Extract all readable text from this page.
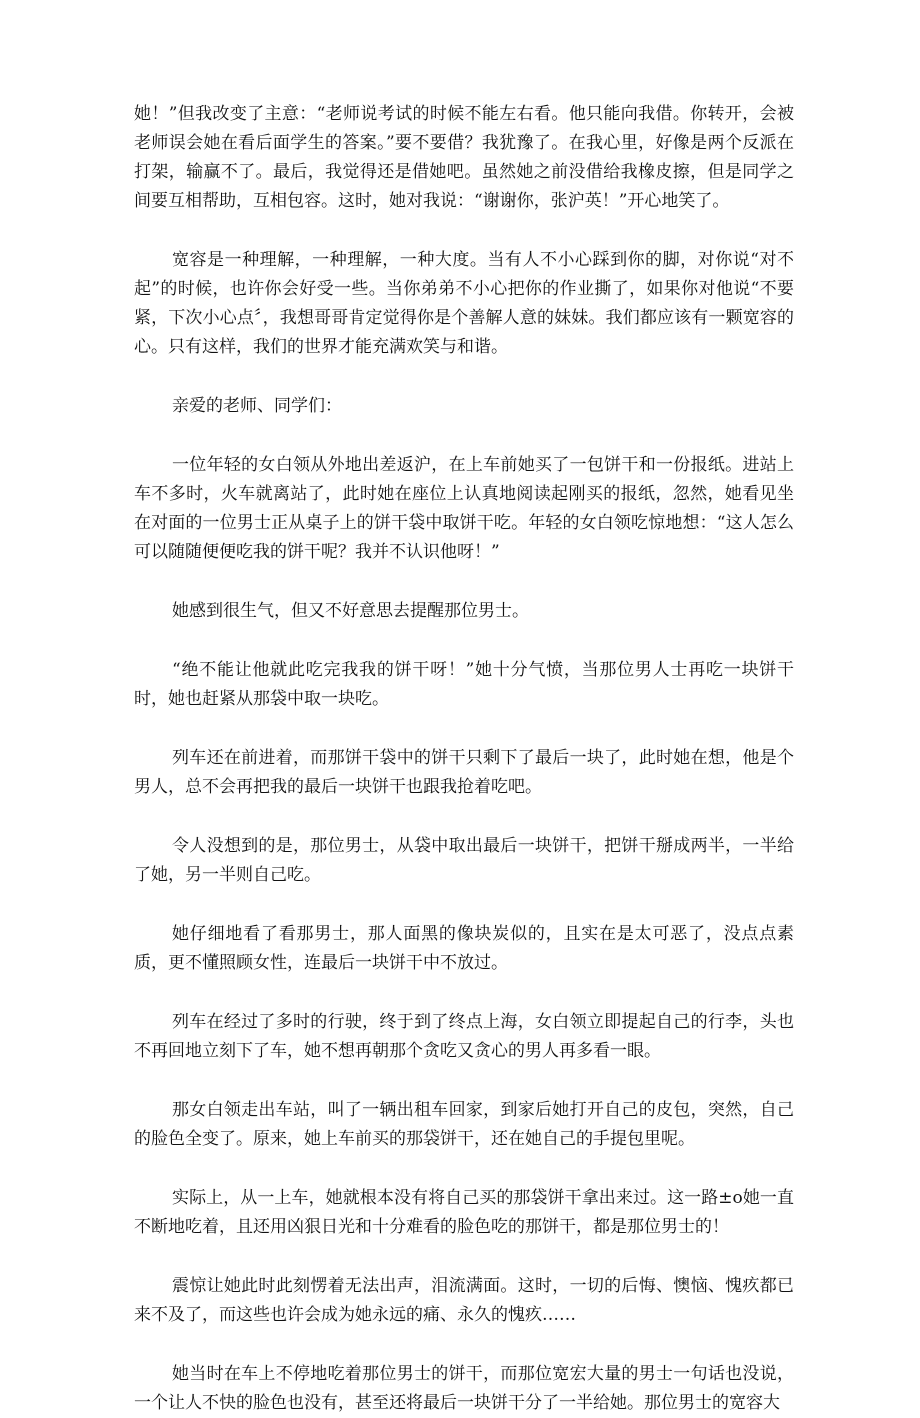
她！”但我改变了主意：“老师说考试的时候不能左右看。他只能向我借。你转开，会被老师误会她在看后面学生的答案。”要不要借？我犹豫了。在我心里，好像是两个反派在打架，输赢不了。最后，我觉得还是借她吧。虽然她之前没借给我橡皮擦，但是同学之间要互相帮助，互相包容。这时，她对我说：“谢谢你，张沪英！”开心地笑了。

宽容是一种理解，一种理解，一种大度。当有人不小心踩到你的脚，对你说“对不起”的时候，也许你会好受一些。当你弟弟不小心把你的作业撕了，如果你对他说“不要紧，下次小心点〞，我想哥哥肯定觉得你是个善解人意的妹妹。我们都应该有一颗宽容的心。只有这样，我们的世界才能充满欢笑与和谐。

亲爱的老师、同学们：

一位年轻的女白领从外地出差返沪，在上车前她买了一包饼干和一份报纸。进站上车不多时，火车就离站了，此时她在座位上认真地阅读起刚买的报纸，忽然，她看见坐在对面的一位男士正从桌子上的饼干袋中取饼干吃。年轻的女白领吃惊地想：“这人怎么可以随随便便吃我的饼干呢？我并不认识他呀！”

她感到很生气，但又不好意思去提醒那位男士。

“绝不能让他就此吃完我我的饼干呀！”她十分气愤，当那位男人士再吃一块饼干时，她也赶紧从那袋中取一块吃。

列车还在前进着，而那饼干袋中的饼干只剩下了最后一块了，此时她在想，他是个男人，总不会再把我的最后一块饼干也跟我抢着吃吧。

令人没想到的是，那位男士，从袋中取出最后一块饼干，把饼干掰成两半，一半给了她，另一半则自己吃。

她仔细地看了看那男士，那人面黑的像块炭似的，且实在是太可恶了，没点点素质，更不懂照顾女性，连最后一块饼干中不放过。

列车在经过了多时的行驶，终于到了终点上海，女白领立即提起自己的行李，头也不再回地立刻下了车，她不想再朝那个贪吃又贪心的男人再多看一眼。

那女白领走出车站，叫了一辆出租车回家，到家后她打开自己的皮包，突然，自己的脸色全变了。原来，她上车前买的那袋饼干，还在她自己的手提包里呢。

实际上，从一上车，她就根本没有将自己买的那袋饼干拿出来过。这一路±o她一直不断地吃着，且还用凶狠日光和十分难看的脸色吃的那饼干，都是那位男士的！

震惊让她此时此刻愣着无法出声，泪流满面。这时，一切的后悔、懊恼、愧疚都已来不及了，而这些也许会成为她永远的痛、永久的愧疚……

她当时在车上不停地吃着那位男士的饼干，而那位宽宏大量的男士一句话也没说，一个让人不快的脸色也没有，甚至还将最后一块饼干分了一半给她。那位男士的宽容大
